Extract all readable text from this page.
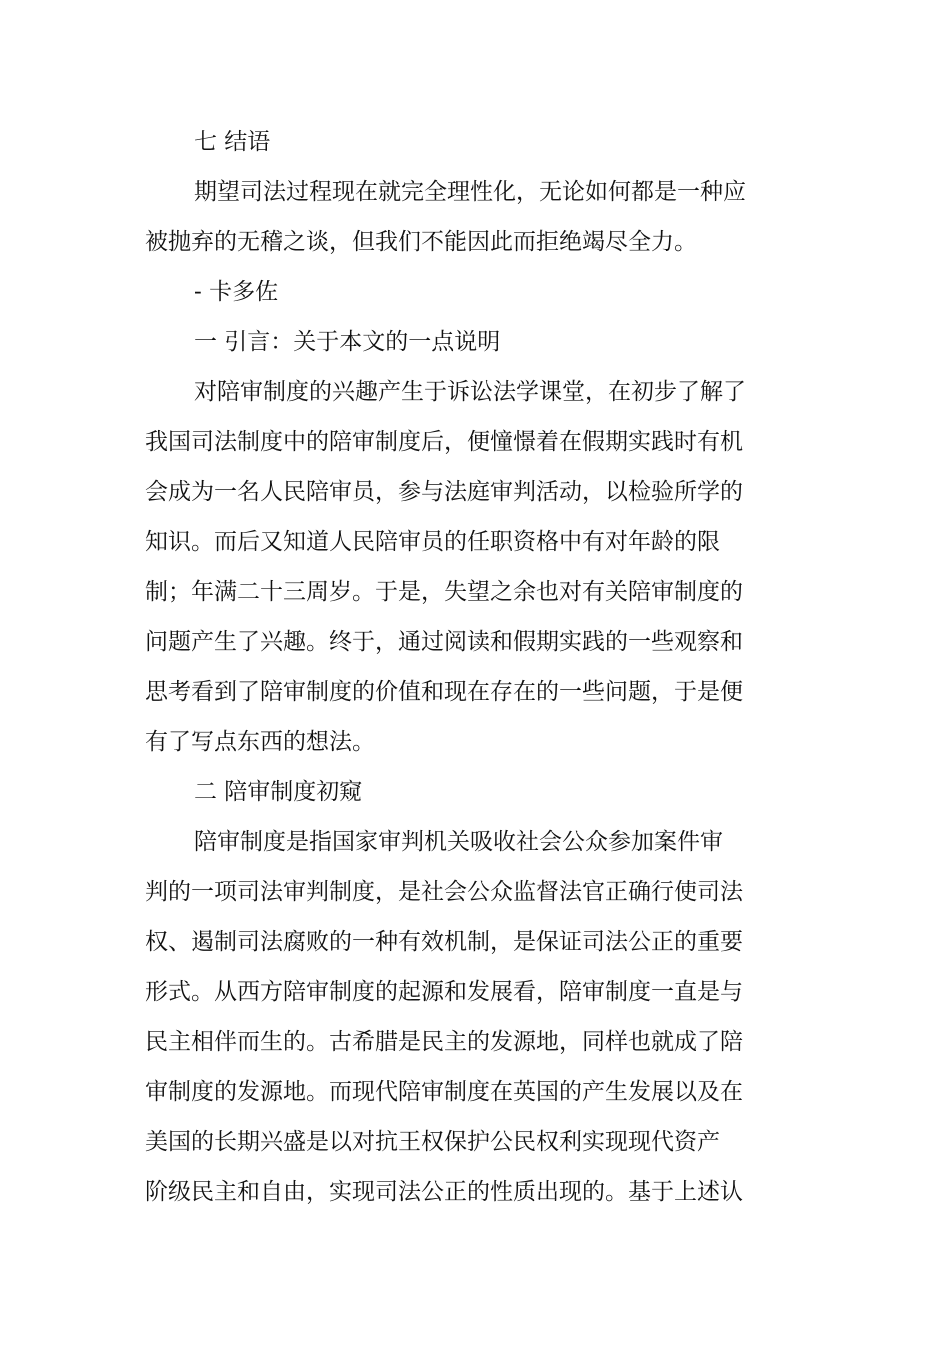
七 结语
期望司法过程现在就完全理性化，无论如何都是一种应
被抛弃的无稽之谈，但我们不能因此而拒绝竭尽全力。
- 卡多佐
一 引言：关于本文的一点说明
对陪审制度的兴趣产生于诉讼法学课堂，在初步了解了
我国司法制度中的陪审制度后，便憧憬着在假期实践时有机
会成为一名人民陪审员，参与法庭审判活动，以检验所学的
知识。而后又知道人民陪审员的任职资格中有对年龄的限
制；年满二十三周岁。于是，失望之余也对有关陪审制度的
问题产生了兴趣。终于，通过阅读和假期实践的一些观察和
思考看到了陪审制度的价值和现在存在的一些问题，于是便
有了写点东西的想法。
二 陪审制度初窥
陪审制度是指国家审判机关吸收社会公众参加案件审
判的一项司法审判制度，是社会公众监督法官正确行使司法
权、遏制司法腐败的一种有效机制，是保证司法公正的重要
形式。从西方陪审制度的起源和发展看，陪审制度一直是与
民主相伴而生的。古希腊是民主的发源地，同样也就成了陪
审制度的发源地。而现代陪审制度在英国的产生发展以及在
美国的长期兴盛是以对抗王权保护公民权利实现现代资产
阶级民主和自由，实现司法公正的性质出现的。基于上述认
